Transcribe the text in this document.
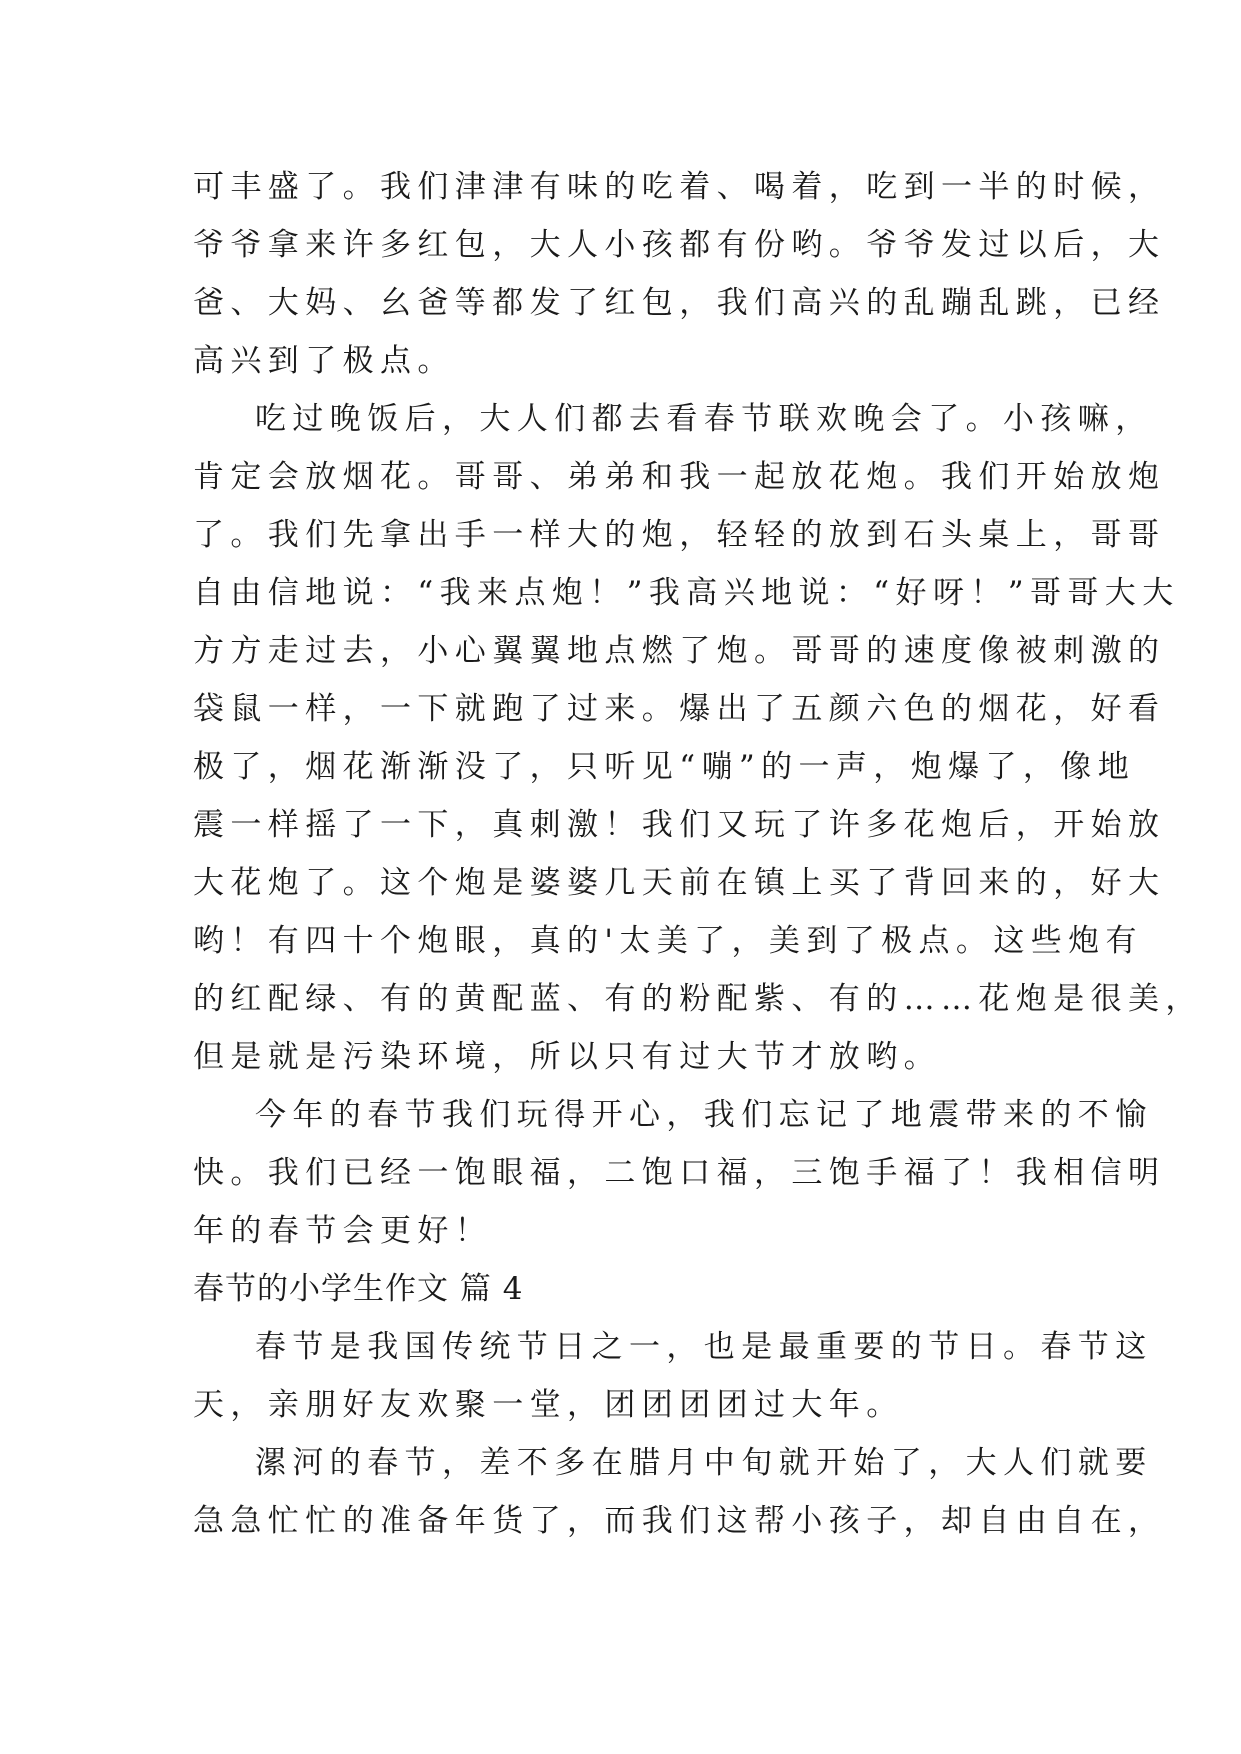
可丰盛了。我们津津有味的吃着、喝着，吃到一半的时候，
爷爷拿来许多红包，大人小孩都有份哟。爷爷发过以后，大
爸、大妈、幺爸等都发了红包，我们高兴的乱蹦乱跳，已经
高兴到了极点。
吃过晚饭后，大人们都去看春节联欢晚会了。小孩嘛，
肯定会放烟花。哥哥、弟弟和我一起放花炮。我们开始放炮
了。我们先拿出手一样大的炮，轻轻的放到石头桌上，哥哥
自由信地说：“我来点炮！”我高兴地说：“好呀！”哥哥大大
方方走过去，小心翼翼地点燃了炮。哥哥的速度像被刺激的
袋鼠一样，一下就跑了过来。爆出了五颜六色的烟花，好看
极了，烟花渐渐没了，只听见“嘣”的一声，炮爆了，像地
震一样摇了一下，真刺激！我们又玩了许多花炮后，开始放
大花炮了。这个炮是婆婆几天前在镇上买了背回来的，好大
哟！有四十个炮眼，真的'太美了，美到了极点。这些炮有
的红配绿、有的黄配蓝、有的粉配紫、有的……花炮是很美，
但是就是污染环境，所以只有过大节才放哟。
今年的春节我们玩得开心，我们忘记了地震带来的不愉
快。我们已经一饱眼福，二饱口福，三饱手福了！我相信明
年的春节会更好！
春节的小学生作文 篇 4
春节是我国传统节日之一，也是最重要的节日。春节这
天，亲朋好友欢聚一堂，团团团团过大年。
漯河的春节，差不多在腊月中旬就开始了，大人们就要
急急忙忙的准备年货了，而我们这帮小孩子，却自由自在，
